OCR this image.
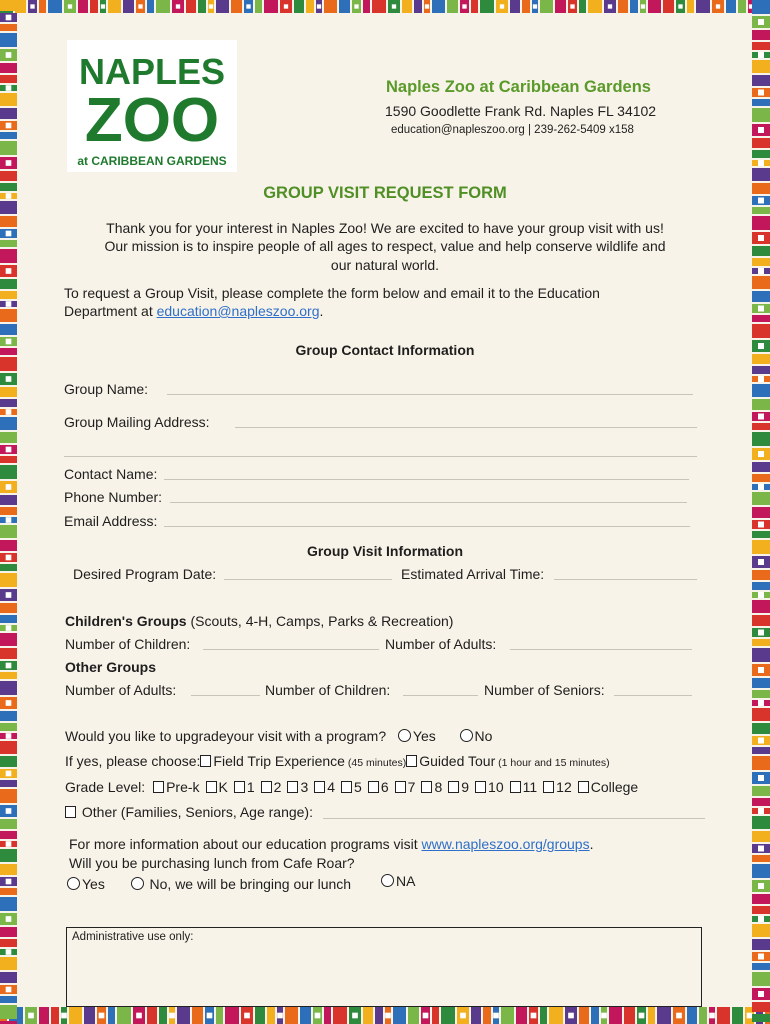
NAPLES
ZOO
at CARIBBEAN GARDENS
Naples Zoo at Caribbean Gardens
1590 Goodlette Frank Rd. Naples FL 34102
education@napleszoo.org | 239-262-5409 x158
GROUP VISIT REQUEST FORM
Thank you for your interest in Naples Zoo! We are excited to have your group visit with us!
Our mission is to inspire people of all ages to respect, value and help conserve wildlife and
our natural world.
To request a Group Visit, please complete the form below and email it to the Education
Department at education@napleszoo.org.
Group Contact Information
Group Name:
Group Mailing Address:
Contact Name:
Phone Number:
Email Address:
Group Visit Information
Desired Program Date:	Estimated Arrival Time:
Children's Groups (Scouts, 4-H, Camps, Parks & Recreation)
Number of Children:	Number of Adults:
Other Groups
Number of Adults:	Number of Children:	Number of Seniors:
Would you like to upgradeyour visit with a program? Yes	No
If yes, please choose: Field Trip Experience (45 minutes) Guided Tour (1 hour and 15 minutes)
Grade Level: Pre-k K 1 2 3 4 5 6 7 8 9 10 11 12 College
Other (Families, Seniors, Age range):
For more information about our education programs visit www.napleszoo.org/groups.
Will you be purchasing lunch from Cafe Roar?
Yes	No, we will be bringing our lunch	NA
Administrative use only:
